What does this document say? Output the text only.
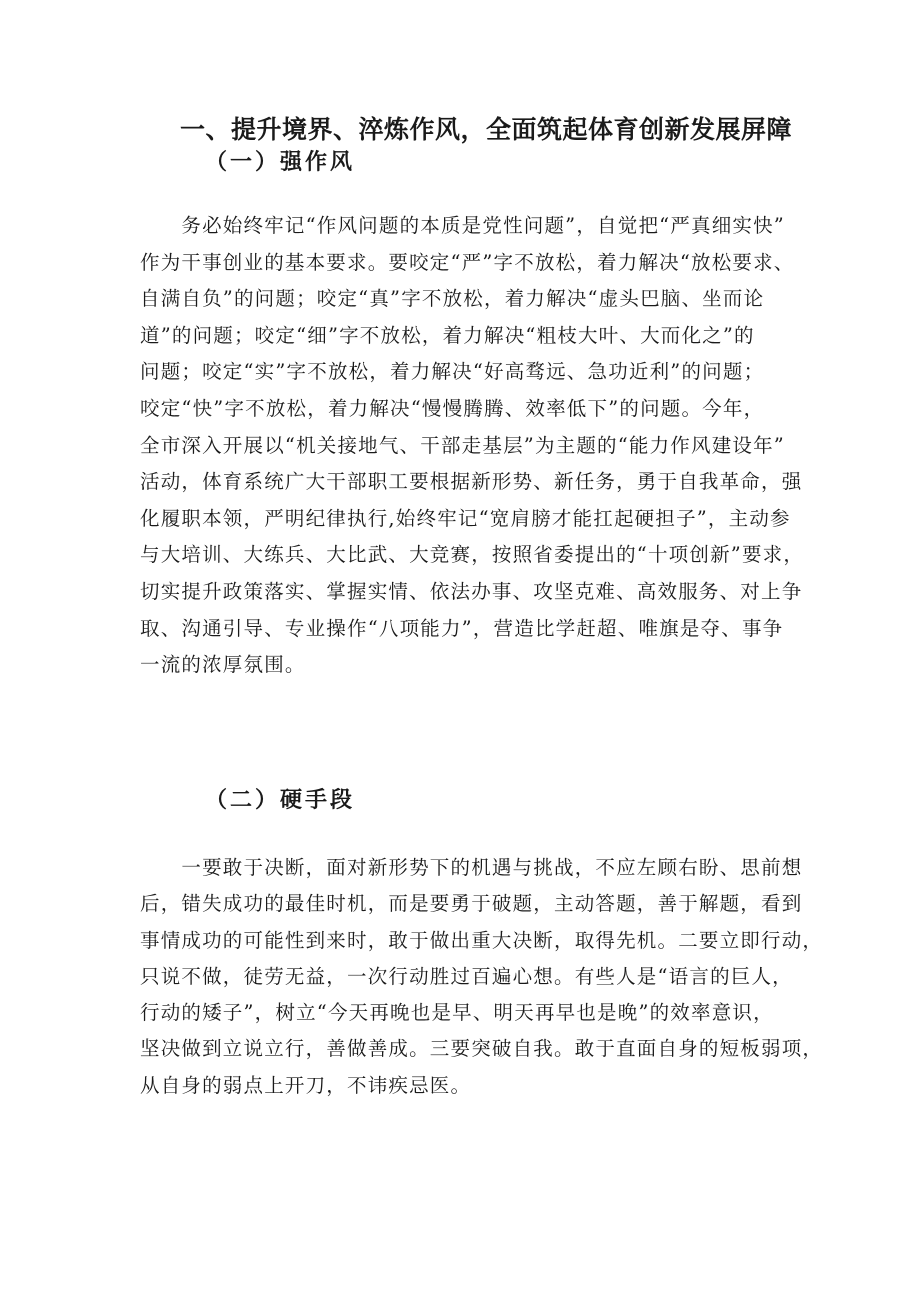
一、提升境界、淬炼作风，全面筑起体育创新发展屏障
（一）强作风
　　务必始终牢记“作风问题的本质是党性问题”，自觉把“严真细实快”
作为干事创业的基本要求。要咬定“严”字不放松，着力解决“放松要求、
自满自负”的问题；咬定“真”字不放松，着力解决“虚头巴脑、坐而论
道”的问题；咬定“细”字不放松，着力解决“粗枝大叶、大而化之”的
问题；咬定“实”字不放松，着力解决“好高骛远、急功近利”的问题；
咬定“快”字不放松，着力解决“慢慢腾腾、效率低下”的问题。今年，
全市深入开展以“机关接地气、干部走基层”为主题的“能力作风建设年”
活动，体育系统广大干部职工要根据新形势、新任务，勇于自我革命，强
化履职本领，严明纪律执行,始终牢记“宽肩膀才能扛起硬担子”，主动参
与大培训、大练兵、大比武、大竞赛，按照省委提出的“十项创新”要求，
切实提升政策落实、掌握实情、依法办事、攻坚克难、高效服务、对上争
取、沟通引导、专业操作“八项能力”，营造比学赶超、唯旗是夺、事争
一流的浓厚氛围。
（二）硬手段
　　一要敢于决断，面对新形势下的机遇与挑战，不应左顾右盼、思前想
后，错失成功的最佳时机，而是要勇于破题，主动答题，善于解题，看到
事情成功的可能性到来时，敢于做出重大决断，取得先机。二要立即行动，
只说不做，徒劳无益，一次行动胜过百遍心想。有些人是“语言的巨人，
行动的矮子”，树立“今天再晚也是早、明天再早也是晚”的效率意识，
坚决做到立说立行，善做善成。三要突破自我。敢于直面自身的短板弱项，
从自身的弱点上开刀，不讳疾忌医。
